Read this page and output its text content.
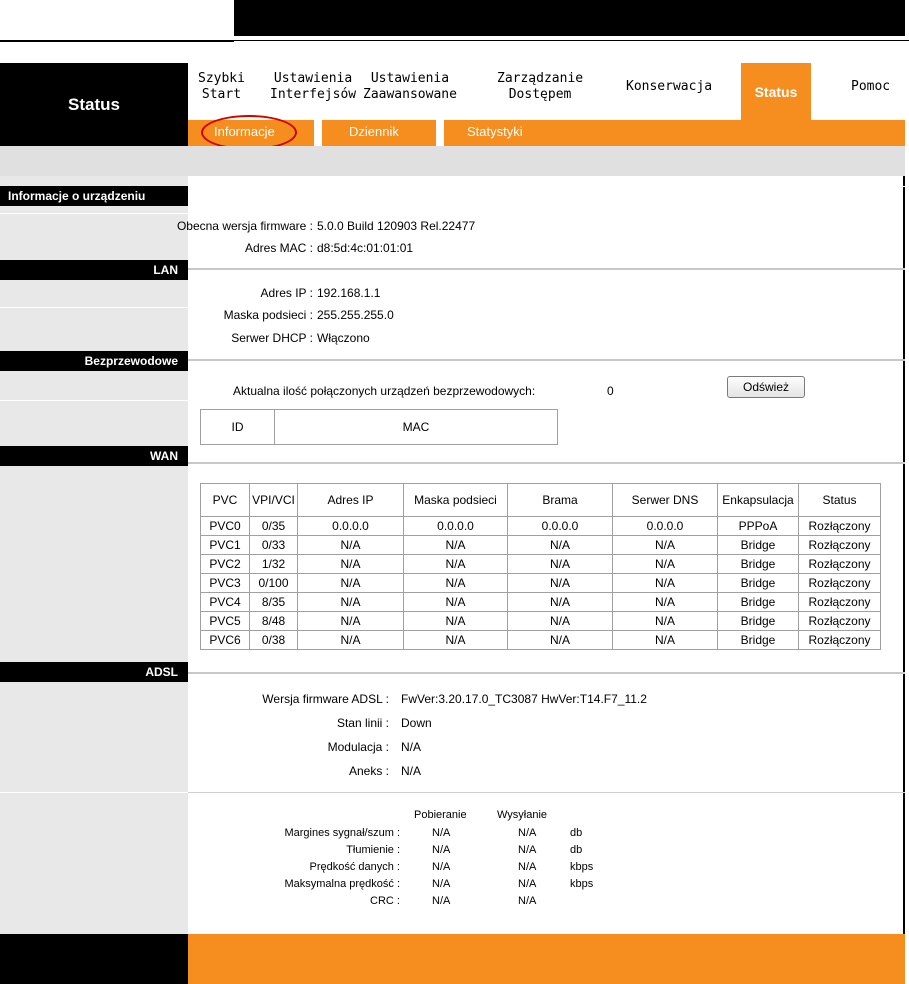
Status
Szybki
Start
Ustawienia
Interfejsów
Ustawienia
Zaawansowane
Zarządzanie
Dostępem
Konserwacja	Status	Pomoc
Informacje	Dziennik	Statystyki
Informacje o urządzeniu
Obecna wersja firmware : 5.0.0 Build 120903 Rel.22477
Adres MAC : d8:5d:4c:01:01:01
LAN
Adres IP : 192.168.1.1
Maska podsieci : 255.255.255.0
Serwer DHCP : Włączono
Bezprzewodowe
Aktualna ilość połączonych urządzeń bezprzewodowych:	0	Odśwież
ID	MAC
WAN
PVC	VPI/VCI	Adres IP	Maska podsieci	Brama	Serwer DNS	Enkapsulacja	Status
PVC0	0/35	0.0.0.0	0.0.0.0	0.0.0.0	0.0.0.0	PPPoA	Rozłączony
PVC1	0/33	N/A	N/A	N/A	N/A	Bridge	Rozłączony
PVC2	1/32	N/A	N/A	N/A	N/A	Bridge	Rozłączony
PVC3	0/100	N/A	N/A	N/A	N/A	Bridge	Rozłączony
PVC4	8/35	N/A	N/A	N/A	N/A	Bridge	Rozłączony
PVC5	8/48	N/A	N/A	N/A	N/A	Bridge	Rozłączony
PVC6	0/38	N/A	N/A	N/A	N/A	Bridge	Rozłączony
ADSL
Wersja firmware ADSL : FwVer:3.20.17.0_TC3087 HwVer:T14.F7_11.2
Stan linii : Down
Modulacja : N/A
Aneks : N/A
Pobieranie	Wysyłanie
Margines sygnał/szum :	N/A	N/A	db
Tłumienie :	N/A	N/A	db
Prędkość danych :	N/A	N/A	kbps
Maksymalna prędkość :	N/A	N/A	kbps
CRC :	N/A	N/A
